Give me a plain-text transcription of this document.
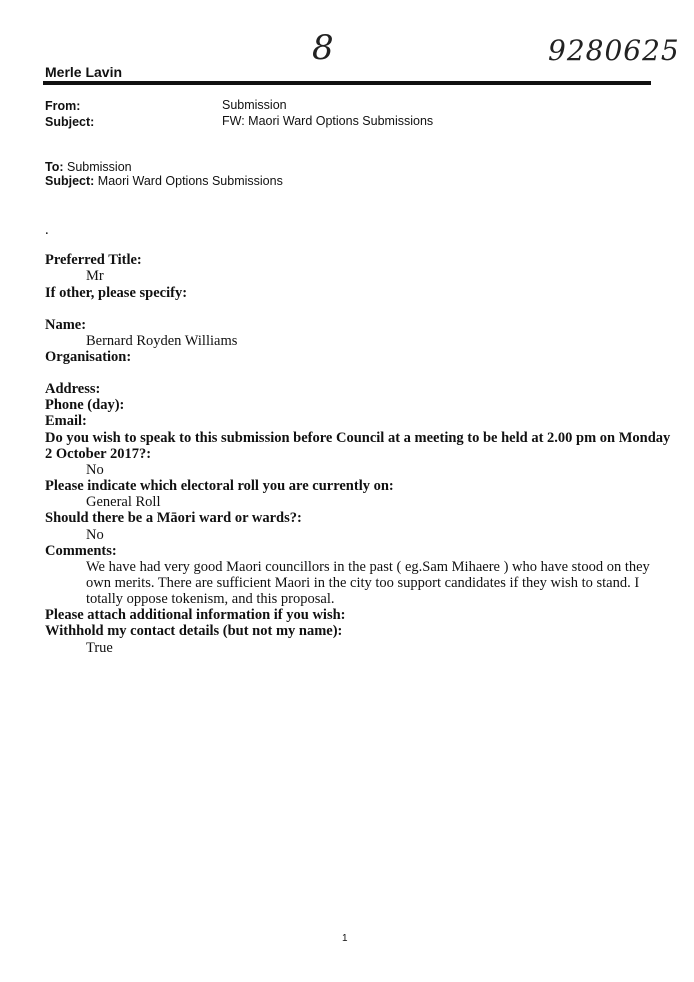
8	9280625
Merle Lavin
From:	Submission
Subject:	FW: Maori Ward Options Submissions
To: Submission
Subject: Maori Ward Options Submissions
.
Preferred Title:
Mr
If other, please specify:
Name:
Bernard Royden Williams
Organisation:
Address:
Phone (day):
Email:
Do you wish to speak to this submission before Council at a meeting to be held at 2.00 pm on Monday
2 October 2017?:
No
Please indicate which electoral roll you are currently on:
General Roll
Should there be a Māori ward or wards?:
No
Comments:
We have had very good Maori councillors in the past ( eg.Sam Mihaere ) who have stood on they
own merits. There are sufficient Maori in the city too support candidates if they wish to stand. I
totally oppose tokenism, and this proposal.
Please attach additional information if you wish:
Withhold my contact details (but not my name):
True
1
